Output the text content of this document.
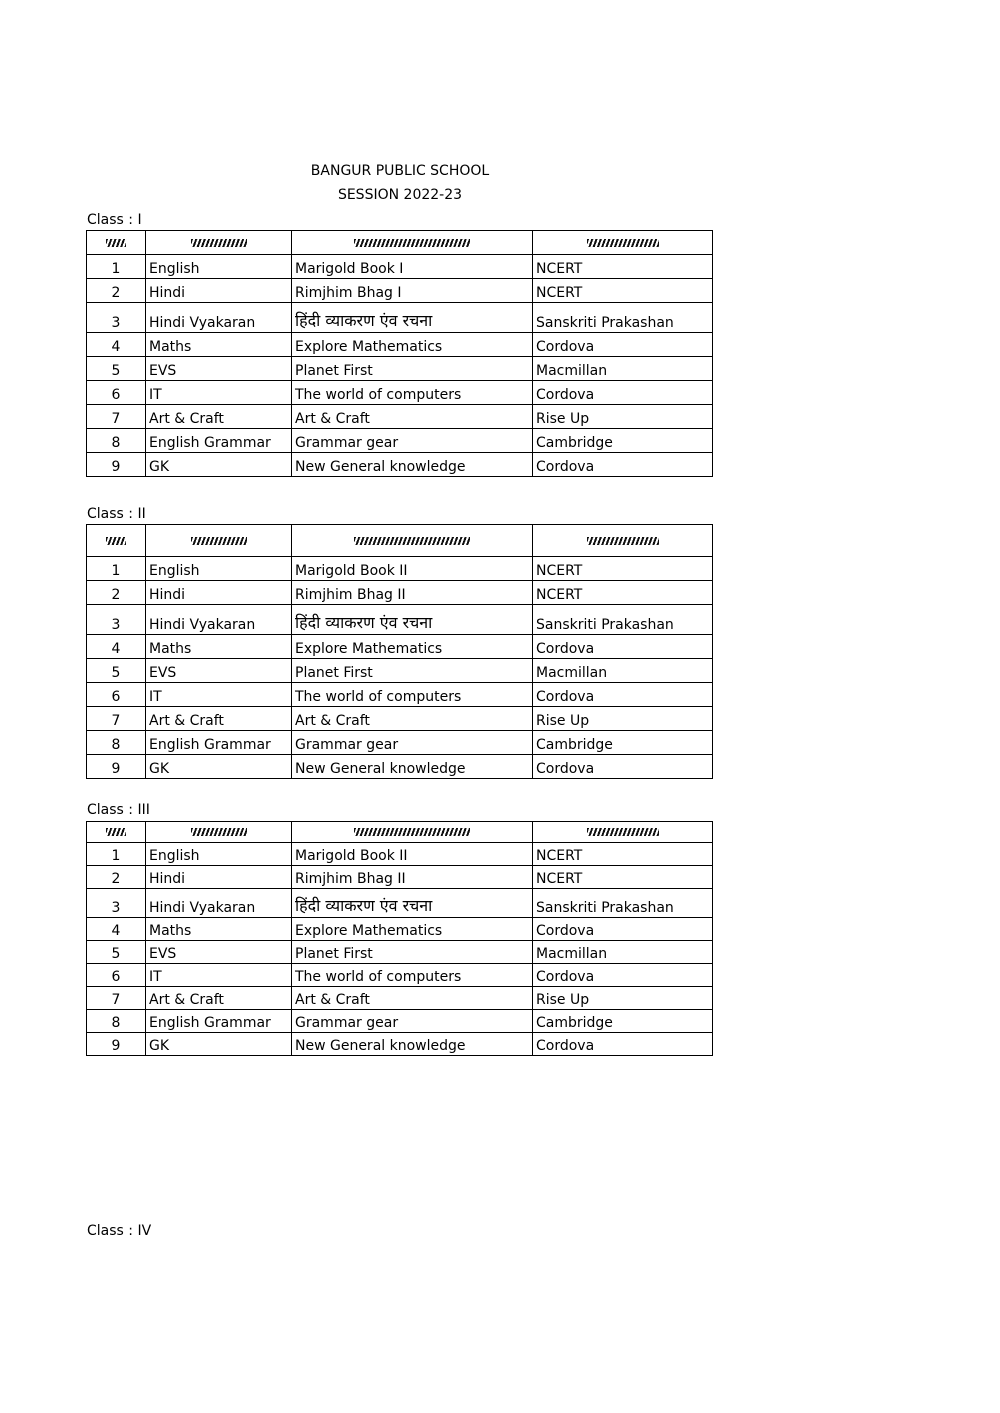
BANGUR PUBLIC SCHOOL
SESSION 2022-23
Class : I

1	English	Marigold Book I	NCERT
2	Hindi	Rimjhim Bhag I	NCERT
3	Hindi Vyakaran	हिंदी व्याकरण एंव रचना	Sanskriti Prakashan
4	Maths	Explore Mathematics	Cordova
5	EVS	Planet First	Macmillan
6	IT	The world of computers	Cordova
7	Art & Craft	Art & Craft	Rise Up
8	English Grammar	Grammar gear	Cambridge
9	GK	New General knowledge	Cordova
Class : II

1	English	Marigold Book II	NCERT
2	Hindi	Rimjhim Bhag II	NCERT
3	Hindi Vyakaran	हिंदी व्याकरण एंव रचना	Sanskriti Prakashan
4	Maths	Explore Mathematics	Cordova
5	EVS	Planet First	Macmillan
6	IT	The world of computers	Cordova
7	Art & Craft	Art & Craft	Rise Up
8	English Grammar	Grammar gear	Cambridge
9	GK	New General knowledge	Cordova
Class : III

1	English	Marigold Book II	NCERT
2	Hindi	Rimjhim Bhag II	NCERT
3	Hindi Vyakaran	हिंदी व्याकरण एंव रचना	Sanskriti Prakashan
4	Maths	Explore Mathematics	Cordova
5	EVS	Planet First	Macmillan
6	IT	The world of computers	Cordova
7	Art & Craft	Art & Craft	Rise Up
8	English Grammar	Grammar gear	Cambridge
9	GK	New General knowledge	Cordova
Class : IV
